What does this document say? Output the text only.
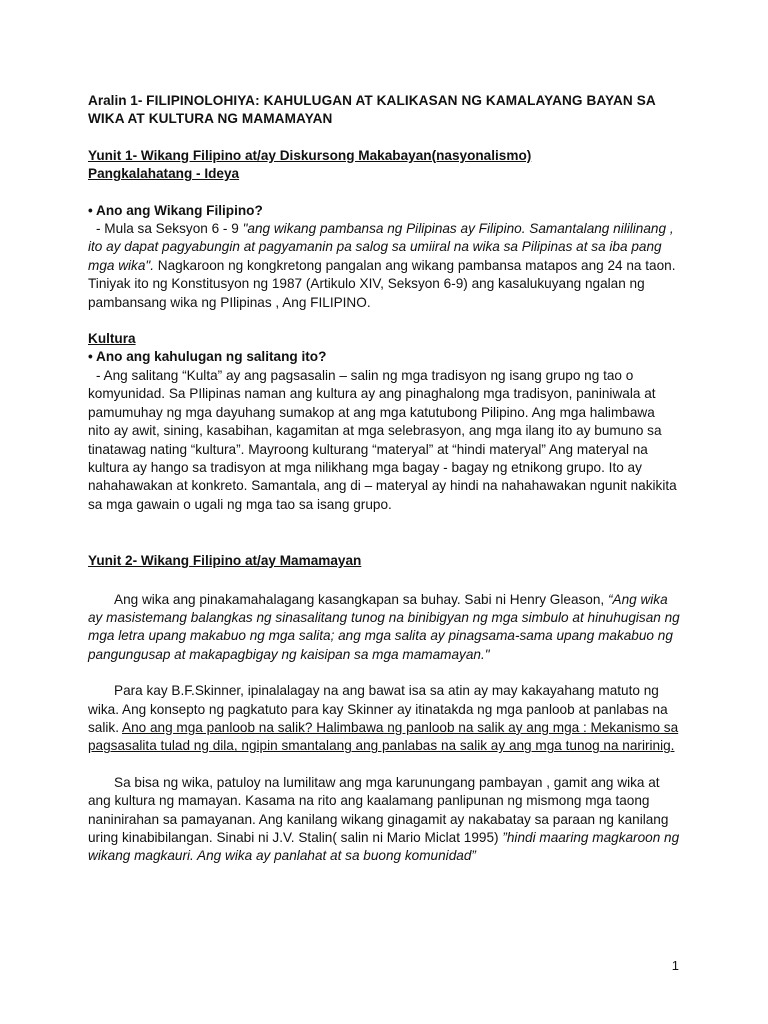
Aralin 1- FILIPINOLOHIYA: KAHULUGAN AT KALIKASAN NG KAMALAYANG BAYAN SA WIKA AT KULTURA NG MAMAMAYAN

Yunit 1- Wikang Filipino at/ay Diskursong Makabayan(nasyonalismo)

Pangkalahatang - Ideya

• Ano ang Wikang Filipino?

- Mula sa Seksyon 6 - 9 "ang wikang pambansa ng Pilipinas ay Filipino. Samantalang nililinang , ito ay dapat pagyabungin at pagyamanin pa salog sa umiiral na wika sa Pilipinas at sa iba pang mga wika". Nagkaroon ng kongkretong pangalan ang wikang pambansa matapos ang 24 na taon. Tiniyak ito ng Konstitusyon ng 1987 (Artikulo XIV, Seksyon 6-9) ang kasalukuyang ngalan ng pambansang wika ng PIlipinas , Ang FILIPINO.

Kultura

• Ano ang kahulugan ng salitang ito?

- Ang salitang “Kulta” ay ang pagsasalin – salin ng mga tradisyon ng isang grupo ng tao o komyunidad. Sa PIlipinas naman ang kultura ay ang pinaghalong mga tradisyon, paniniwala at pamumuhay ng mga dayuhang sumakop at ang mga katutubong Pilipino. Ang mga halimbawa nito ay awit, sining, kasabihan, kagamitan at mga selebrasyon, ang mga ilang ito ay bumuno sa tinatawag nating “kultura”. Mayroong kulturang “materyal” at “hindi materyal” Ang materyal na kultura ay hango sa tradisyon at mga nilikhang mga bagay - bagay ng etnikong grupo. Ito ay nahahawakan at konkreto. Samantala, ang di – materyal ay hindi na nahahawakan ngunit nakikita sa mga gawain o ugali ng mga tao sa isang grupo.

Yunit 2- Wikang Filipino at/ay Mamamayan

Ang wika ang pinakamahalagang kasangkapan sa buhay. Sabi ni Henry Gleason, “Ang wika ay masistemang balangkas ng sinasalitang tunog na binibigyan ng mga simbulo at hinuhugisan ng mga letra upang makabuo ng mga salita; ang mga salita ay pinagsama-sama upang makabuo ng pangungusap at makapagbigay ng kaisipan sa mga mamamayan."

Para kay B.F.Skinner, ipinalalagay na ang bawat isa sa atin ay may kakayahang matuto ng wika. Ang konsepto ng pagkatuto para kay Skinner ay itinatakda ng mga panloob at panlabas na salik. Ano ang mga panloob na salik? Halimbawa ng panloob na salik ay ang mga : Mekanismo sa pagsasalita tulad ng dila, ngipin smantalang ang panlabas na salik ay ang mga tunog na naririnig.

Sa bisa ng wika, patuloy na lumilitaw ang mga karunungang pambayan , gamit ang wika at ang kultura ng mamayan. Kasama na rito ang kaalamang panlipunan ng mismong mga taong naninirahan sa pamayanan. Ang kanilang wikang ginagamit ay nakabatay sa paraan ng kanilang uring kinabibilangan. Sinabi ni J.V. Stalin( salin ni Mario Miclat 1995) ”hindi maaring magkaroon ng wikang magkauri. Ang wika ay panlahat at sa buong komunidad”

1
